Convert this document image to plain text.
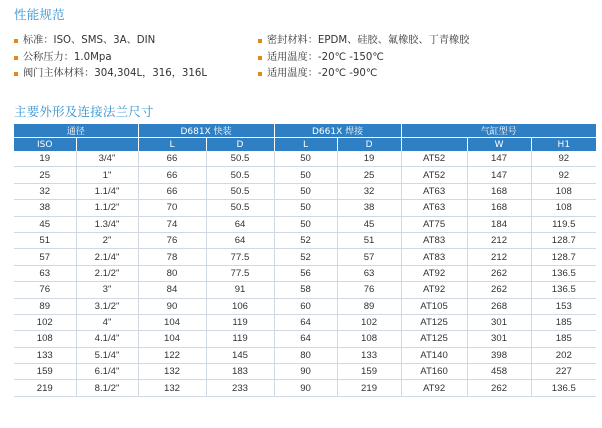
性能规范
标准：ISO、SMS、3A、DIN
公称压力：1.0Mpa
阀门主体材料：304,304L，316，316L
密封材料：EPDM、硅胶、氟橡胶、丁青橡胶
适用温度：-20℃ -150℃
适用温度：-20℃ -90℃
主要外形及连接法兰尺寸
通径		D681X 快装		D661X 焊接		气缸型号		
ISO		L	D	L	D		W	H1
19	3/4"	66	50.5	50	19	AT52	147	92
25	1"	66	50.5	50	25	AT52	147	92
32	1.1/4"	66	50.5	50	32	AT63	168	108
38	1.1/2"	70	50.5	50	38	AT63	168	108
45	1.3/4"	74	64	50	45	AT75	184	119.5
51	2"	76	64	52	51	AT83	212	128.7
57	2.1/4"	78	77.5	52	57	AT83	212	128.7
63	2.1/2"	80	77.5	56	63	AT92	262	136.5
76	3"	84	91	58	76	AT92	262	136.5
89	3.1/2"	90	106	60	89	AT105	268	153
102	4"	104	119	64	102	AT125	301	185
108	4.1/4"	104	119	64	108	AT125	301	185
133	5.1/4"	122	145	80	133	AT140	398	202
159	6.1/4"	132	183	90	159	AT160	458	227
219	8.1/2"	132	233	90	219	AT92	262	136.5
